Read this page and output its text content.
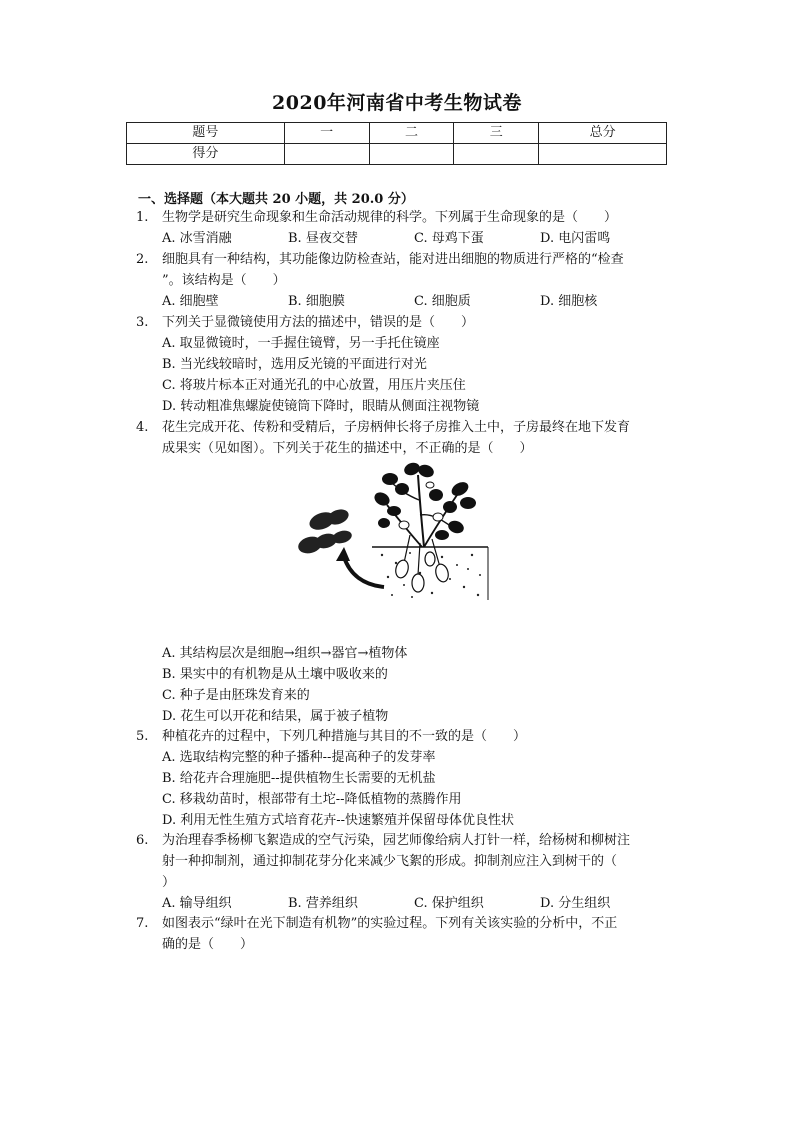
2020年河南省中考生物试卷
题号	一	二	三	总分
得分				
一、选择题（本大题共 20 小题，共 20.0 分）
1.	生物学是研究生命现象和生命活动规律的科学。下列属于生命现象的是（　　）
A. 冰雪消融	B. 昼夜交替	C. 母鸡下蛋	D. 电闪雷鸣
2.	细胞具有一种结构，其功能像边防检查站，能对进出细胞的物质进行严格的“检查
”。该结构是（　　）
A. 细胞壁	B. 细胞膜	C. 细胞质	D. 细胞核
3.	下列关于显微镜使用方法的描述中，错误的是（　　）
A. 取显微镜时，一手握住镜臂，另一手托住镜座
B. 当光线较暗时，选用反光镜的平面进行对光
C. 将玻片标本正对通光孔的中心放置，用压片夹压住
D. 转动粗准焦螺旋使镜筒下降时，眼睛从侧面注视物镜
4.	花生完成开花、传粉和受精后，子房柄伸长将子房推入土中，子房最终在地下发育
成果实（见如图）。下列关于花生的描述中，不正确的是（　　）
A. 其结构层次是细胞→组织→器官→植物体
B. 果实中的有机物是从土壤中吸收来的
C. 种子是由胚珠发育来的
D. 花生可以开花和结果，属于被子植物
5.	种植花卉的过程中，下列几种措施与其目的不一致的是（　　）
A. 选取结构完整的种子播种--提高种子的发芽率
B. 给花卉合理施肥--提供植物生长需要的无机盐
C. 移栽幼苗时，根部带有土坨--降低植物的蒸腾作用
D. 利用无性生殖方式培育花卉--快速繁殖并保留母体优良性状
6.	为治理春季杨柳飞絮造成的空气污染，园艺师像给病人打针一样，给杨树和柳树注
射一种抑制剂，通过抑制花芽分化来减少飞絮的形成。抑制剂应注入到树干的（
）
A. 输导组织	B. 营养组织	C. 保护组织	D. 分生组织
7.	如图表示“绿叶在光下制造有机物”的实验过程。下列有关该实验的分析中，不正
确的是（　　）
